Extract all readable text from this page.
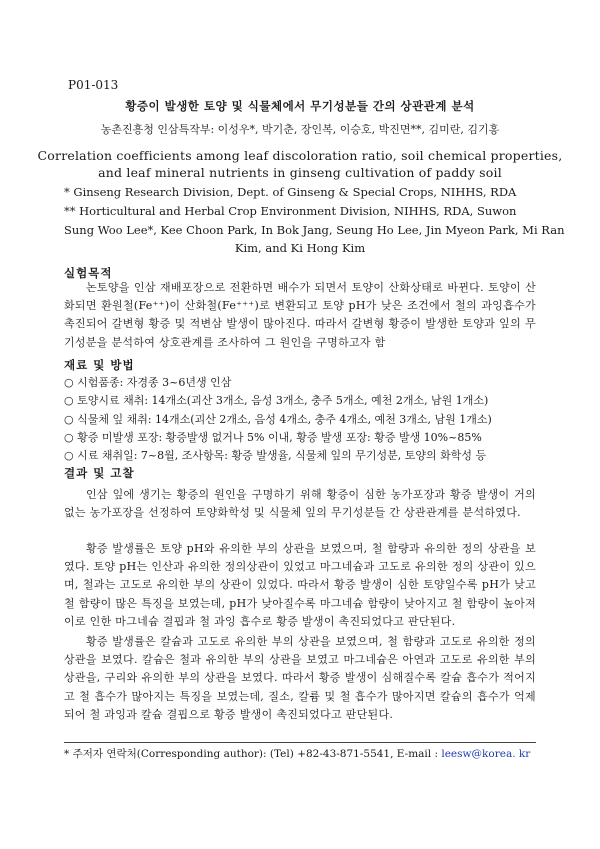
P01-013
황증이 발생한 토양 및 식물체에서 무기성분들 간의 상관관계 분석
농촌진흥청 인삼특작부: 이성우*, 박기춘, 장인복, 이승호, 박진면**, 김미란, 김기홍
Correlation coefficients among leaf discoloration ratio, soil chemical properties,
and leaf mineral nutrients in ginseng cultivation of paddy soil
* Ginseng Research Division, Dept. of Ginseng & Special Crops, NIHHS, RDA
** Horticultural and Herbal Crop Environment Division, NIHHS, RDA, Suwon
Sung Woo Lee*, Kee Choon Park, In Bok Jang, Seung Ho Lee, Jin Myeon Park, Mi Ran
Kim, and Ki Hong Kim
실험목적
논토양을 인삼 재배포장으로 전환하면 배수가 되면서 토양이 산화상태로 바뀐다. 토양이 산화되면 환원철(Fe⁺⁺)이 산화철(Fe⁺⁺⁺)로 변환되고 토양 pH가 낮은 조건에서 철의 과잉흡수가 촉진되어 갈변형 황증 및 적변삼 발생이 많아진다. 따라서 갈변형 황증이 발생한 토양과 잎의 무기성분을 분석하여 상호관계를 조사하여 그 원인을 구명하고자 함
재료 및 방법
○ 시험품종: 자경종 3~6년생 인삼
○ 토양시료 채취: 14개소(괴산 3개소, 음성 3개소, 충주 5개소, 예천 2개소, 남원 1개소)
○ 식물체 잎 채취: 14개소(괴산 2개소, 음성 4개소, 충주 4개소, 예천 3개소, 남원 1개소)
○ 황증 미발생 포장: 황증발생 없거나 5% 이내, 황증 발생 포장: 황증 발생 10%~85%
○ 시료 채취일: 7~8월, 조사항목: 황증 발생율, 식물체 잎의 무기성분, 토양의 화학성 등
결과 및 고찰
인삼 잎에 생기는 황증의 원인을 구명하기 위해 황증이 심한 농가포장과 황증 발생이 거의 없는 농가포장을 선정하여 토양화학성 및 식물체 잎의 무기성분들 간 상관관계를 분석하였다.
황증 발생률은 토양 pH와 유의한 부의 상관을 보였으며, 철 함량과 유의한 정의 상관을 보였다. 토양 pH는 인산과 유의한 정의상관이 있었고 마그네슘과 고도로 유의한 정의 상관이 있으며, 철과는 고도로 유의한 부의 상관이 있었다. 따라서 황증 발생이 심한 토양일수록 pH가 낮고 철 함량이 많은 특징을 보였는데, pH가 낮아질수록 마그네슘 함량이 낮아지고 철 함량이 높아져 이로 인한 마그네슘 결핍과 철 과잉 흡수로 황증 발생이 촉진되었다고 판단된다.
황증 발생률은 칼슘과 고도로 유의한 부의 상관을 보였으며, 철 함량과 고도로 유의한 정의 상관을 보였다. 칼슘은 철과 유의한 부의 상관을 보였고 마그네슘은 아연과 고도로 유의한 부의 상관을, 구리와 유의한 부의 상관을 보였다. 따라서 황증 발생이 심해질수록 칼슘 흡수가 적어지고 철 흡수가 많아지는 특징을 보였는데, 질소, 칼륨 및 철 흡수가 많아지면 칼슘의 흡수가 억제되어 철 과잉과 칼슘 결핍으로 황증 발생이 촉진되었다고 판단된다.
* 주저자 연락처(Corresponding author): (Tel) +82-43-871-5541, E-mail : leesw@korea. kr
